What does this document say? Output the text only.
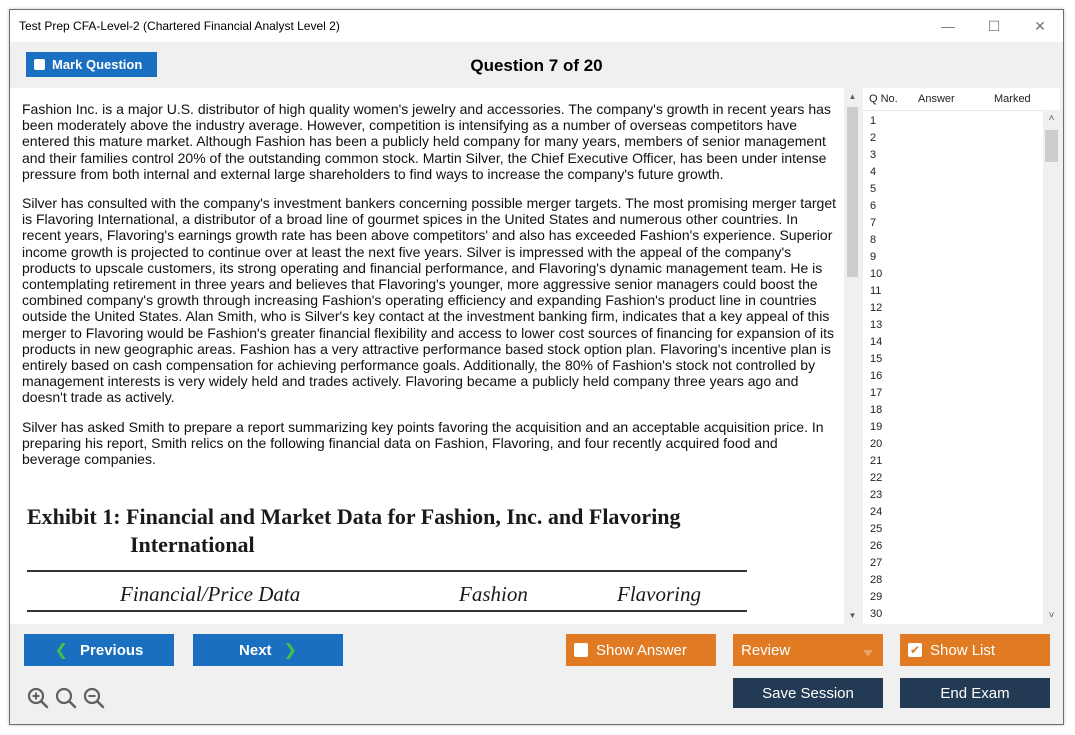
Test Prep CFA-Level-2 (Chartered Financial Analyst Level 2)	—	☐	✕
Mark Question	Question 7 of 20

Fashion Inc. is a major U.S. distributor of high quality women's jewelry and accessories. The company's growth in recent years has been moderately above the industry average. However, competition is intensifying as a number of overseas competitors have entered this mature market. Although Fashion has been a publicly held company for many years, members of senior management and their families control 20% of the outstanding common stock. Martin Silver, the Chief Executive Officer, has been under intense pressure from both internal and external large shareholders to find ways to increase the company's future growth.

Silver has consulted with the company's investment bankers concerning possible merger targets. The most promising merger target is Flavoring International, a distributor of a broad line of gourmet spices in the United States and numerous other countries. In recent years, Flavoring's earnings growth rate has been above competitors' and also has exceeded Fashion's experience. Superior income growth is projected to continue over at least the next five years. Silver is impressed with the appeal of the company's products to upscale customers, its strong operating and financial performance, and Flavoring's dynamic management team. He is contemplating retirement in three years and believes that Flavoring's younger, more aggressive senior managers could boost the combined company's growth through increasing Fashion's operating efficiency and expanding Fashion's product line in countries outside the United States. Alan Smith, who is Silver's key contact at the investment banking firm, indicates that a key appeal of this merger to Flavoring would be Fashion's greater financial flexibility and access to lower cost sources of financing for expansion of its products in new geographic areas. Fashion has a very attractive performance based stock option plan. Flavoring's incentive plan is entirely based on cash compensation for achieving performance goals. Additionally, the 80% of Fashion's stock not controlled by management interests is very widely held and trades actively. Flavoring became a publicly held company three years ago and doesn't trade as actively.

Silver has asked Smith to prepare a report summarizing key points favoring the acquisition and an acceptable acquisition price. In preparing his report, Smith relics on the following financial data on Fashion, Flavoring, and four recently acquired food and beverage companies.

Exhibit 1: Financial and Market Data for Fashion, Inc. and Flavoring
International
Financial/Price Data	Fashion	Flavoring
▲
▼
Q No.	Answer	Marked
1
2
3
4
5
6
7
8
9
10
11
12
13
14
15
16
17
18
19
20
21
22
23
24
25
26
27
28
29
30
˄
˅
❮ Previous	Next ❯	Show Answer	Review	✔ Show List
Save Session	End Exam
